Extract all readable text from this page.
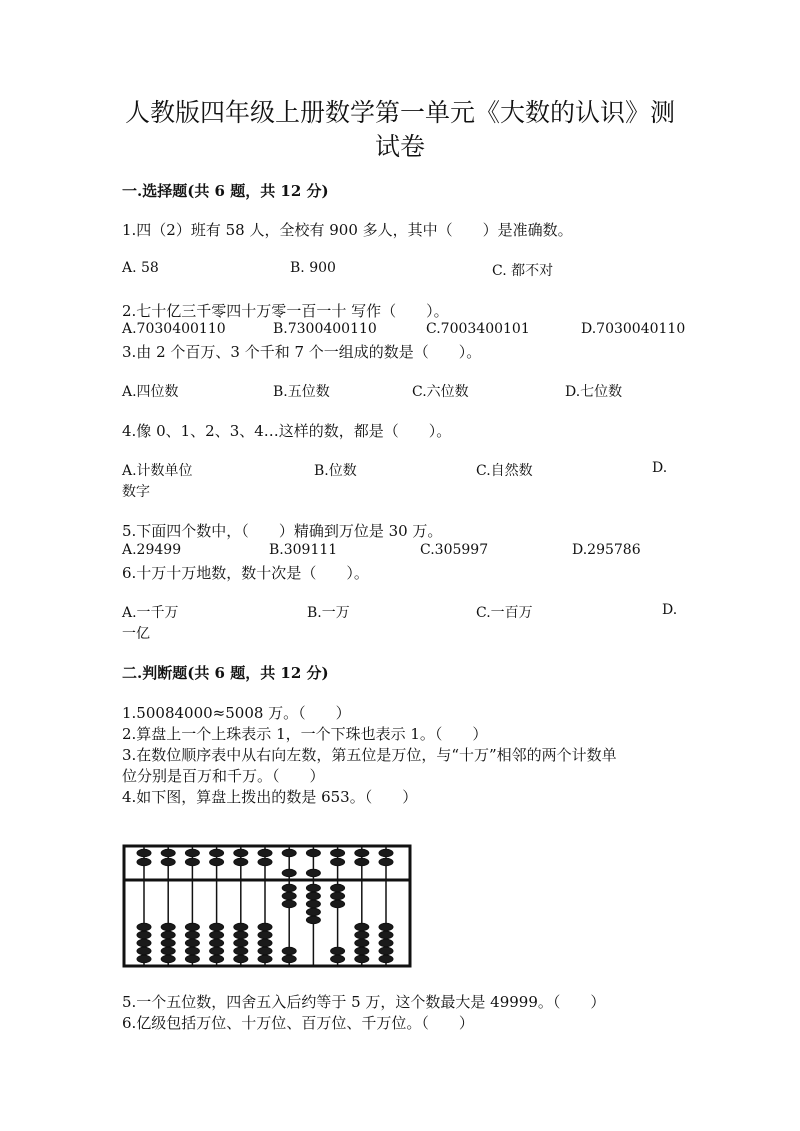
人教版四年级上册数学第一单元《大数的认识》测
试卷
一.选择题(共 6 题，共 12 分)
1.四（2）班有 58 人，全校有 900 多人，其中（　　）是准确数。
A. 58	B. 900	C. 都不对
2.七十亿三千零四十万零一百一十 写作（　　）。
A.7030400110	B.7300400110	C.7003400101	D.7030040110
3.由 2 个百万、3 个千和 7 个一组成的数是（　　）。
A.四位数	B.五位数	C.六位数	D.七位数
4.像 0、1、2、3、4…这样的数，都是（　　）。
A.计数单位	B.位数	C.自然数	D.
数字
5.下面四个数中，（　　）精确到万位是 30 万。
A.29499	B.309111	C.305997	D.295786
6.十万十万地数，数十次是（　　）。
A.一千万	B.一万	C.一百万	D.
一亿
二.判断题(共 6 题，共 12 分)
1.50084000≈5008 万。（　　）
2.算盘上一个上珠表示 1，一个下珠也表示 1。（　　）
3.在数位顺序表中从右向左数，第五位是万位，与“十万”相邻的两个计数单
位分别是百万和千万。（　　）
4.如下图，算盘上拨出的数是 653。（　　）
5.一个五位数，四舍五入后约等于 5 万，这个数最大是 49999。（　　）
6.亿级包括万位、十万位、百万位、千万位。（　　）
